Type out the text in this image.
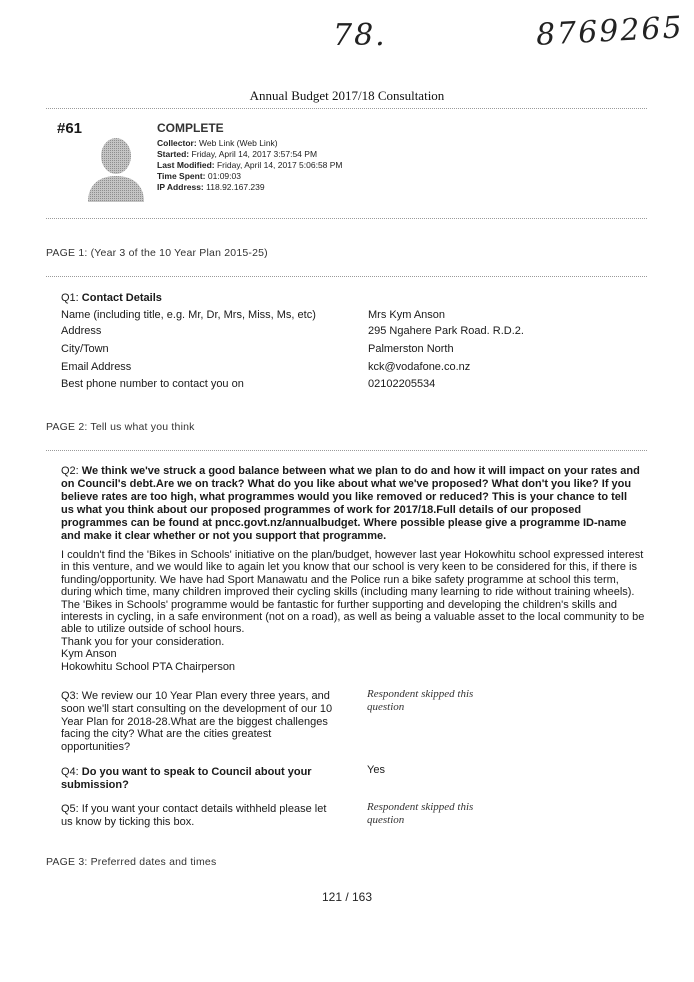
78.	8769265
Annual Budget 2017/18 Consultation
#61	COMPLETE
Collector: Web Link (Web Link)
Started: Friday, April 14, 2017 3:57:54 PM
Last Modified: Friday, April 14, 2017 5:06:58 PM
Time Spent: 01:09:03
IP Address: 118.92.167.239
PAGE 1: (Year 3 of the 10 Year Plan 2015-25)
Q1: Contact Details
Name (including title, e.g. Mr, Dr, Mrs, Miss, Ms, etc)	Mrs Kym Anson
Address	295 Ngahere Park Road. R.D.2.
City/Town	Palmerston North
Email Address	kck@vodafone.co.nz
Best phone number to contact you on	02102205534
PAGE 2: Tell us what you think
Q2: We think we've struck a good balance between what we plan to do and how it will impact on your rates and
on Council's debt.Are we on track? What do you like about what we've proposed? What don't you like? If you
believe rates are too high, what programmes would you like removed or reduced? This is your chance to tell
us what you think about our proposed programmes of work for 2017/18.Full details of our proposed
programmes can be found at pncc.govt.nz/annualbudget. Where possible please give a programme ID-name
and make it clear whether or not you support that programme.
I couldn't find the 'Bikes in Schools' initiative on the plan/budget, however last year Hokowhitu school expressed interest
in this venture, and we would like to again let you know that our school is very keen to be considered for this, if there is
funding/opportunity. We have had Sport Manawatu and the Police run a bike safety programme at school this term,
during which time, many children improved their cycling skills (including many learning to ride without training wheels).
The 'Bikes in Schools' programme would be fantastic for further supporting and developing the children's skills and
interests in cycling, in a safe environment (not on a road), as well as being a valuable asset to the local community to be
able to utilize outside of school hours.
Thank you for your consideration.
Kym Anson
Hokowhitu School PTA Chairperson
Q3: We review our 10 Year Plan every three years, and
soon we'll start consulting on the development of our 10
Year Plan for 2018-28.What are the biggest challenges
facing the city? What are the cities greatest
opportunities?
Respondent skipped this
question
Q4: Do you want to speak to Council about your
submission?
Yes
Q5: If you want your contact details withheld please let
us know by ticking this box.
Respondent skipped this
question
PAGE 3: Preferred dates and times
121 / 163
